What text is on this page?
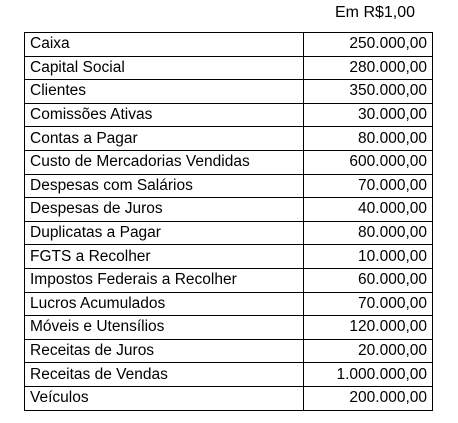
Em R$1,00
Caixa	250.000,00
Capital Social	280.000,00
Clientes	350.000,00
Comissões Ativas	30.000,00
Contas a Pagar	80.000,00
Custo de Mercadorias Vendidas	600.000,00
Despesas com Salários	70.000,00
Despesas de Juros	40.000,00
Duplicatas a Pagar	80.000,00
FGTS a Recolher	10.000,00
Impostos Federais a Recolher	60.000,00
Lucros Acumulados	70.000,00
Móveis e Utensílios	120.000,00
Receitas de Juros	20.000,00
Receitas de Vendas	1.000.000,00
Veículos	200.000,00
